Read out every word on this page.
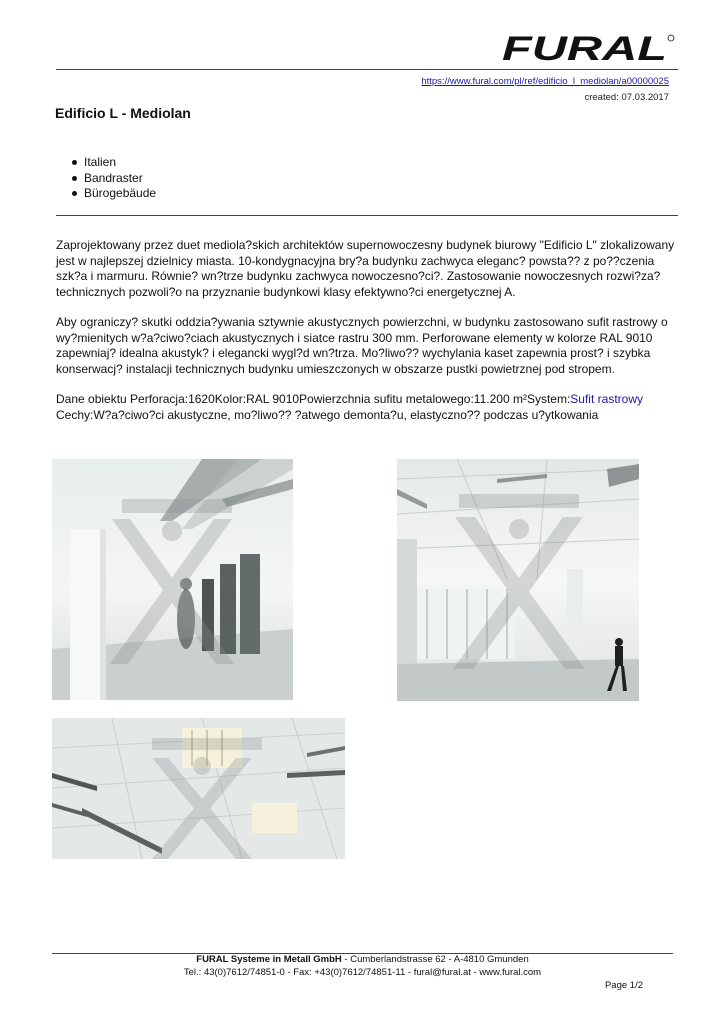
FURAL
https://www.fural.com/pl/ref/edificio_l_mediolan/a00000025
created: 07.03.2017
Edificio L - Mediolan
Italien
Bandraster
Bürogebäude

Zaprojektowany przez duet mediola?skich architektów supernowoczesny budynek biurowy "Edificio L" zlokalizowany jest w najlepszej dzielnicy miasta. 10-kondygnacyjna bry?a budynku zachwyca eleganc? powsta?? z po??czenia szk?a i marmuru. Równie? wn?trze budynku zachwyca nowoczesno?ci?. Zastosowanie nowoczesnych rozwi?za? technicznych pozwoli?o na przyznanie budynkowi klasy efektywno?ci energetycznej A.

Aby ograniczy? skutki oddzia?ywania sztywnie akustycznych powierzchni, w budynku zastosowano sufit rastrowy o wy?mienitych w?a?ciwo?ciach akustycznych i siatce rastru 300 mm. Perforowane elementy w kolorze RAL 9010 zapewniaj? idealna akustyk? i elegancki wygl?d wn?trza. Mo?liwo?? wychylania kaset zapewnia prost? i szybka konserwacj? instalacji technicznych budynku umieszczonych w obszarze pustki powietrznej pod stropem.

Dane obiektu Perforacja:1620Kolor:RAL 9010Powierzchnia sufitu metalowego:11.200 m²System:Sufit rastrowy
Cechy:W?a?ciwo?ci akustyczne, mo?liwo?? ?atwego demonta?u, elastyczno?? podczas u?ytkowania

FURAL Systeme in Metall GmbH - Cumberlandstrasse 62 - A-4810 Gmunden
Tel.: 43(0)7612/74851-0 - Fax: +43(0)7612/74851-11 - fural@fural.at - www.fural.com
Page 1/2
